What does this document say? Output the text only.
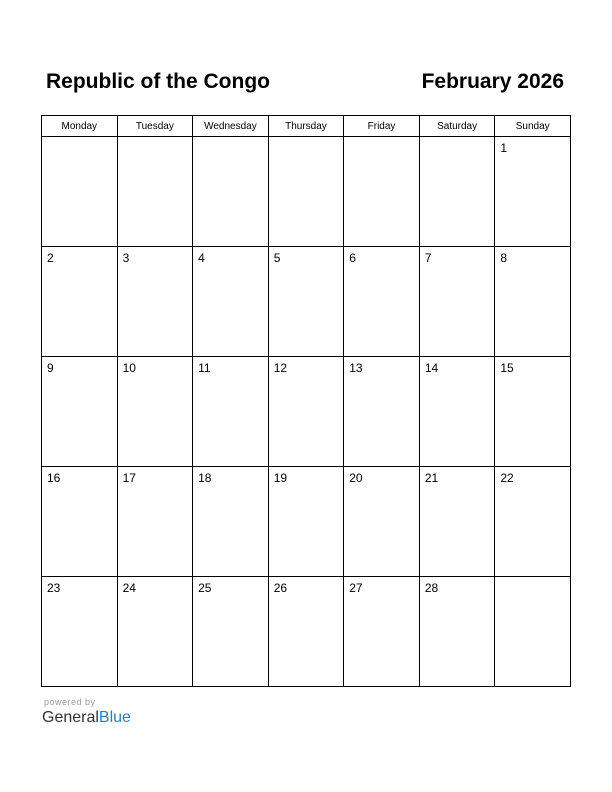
Republic of the Congo	February 2026
Monday	Tuesday	Wednesday	Thursday	Friday	Saturday	Sunday

						1

2	3	4	5	6	7	8

9	10	11	12	13	14	15

16	17	18	19	20	21	22

23	24	25	26	27	28	

powered by
GeneralBlue
